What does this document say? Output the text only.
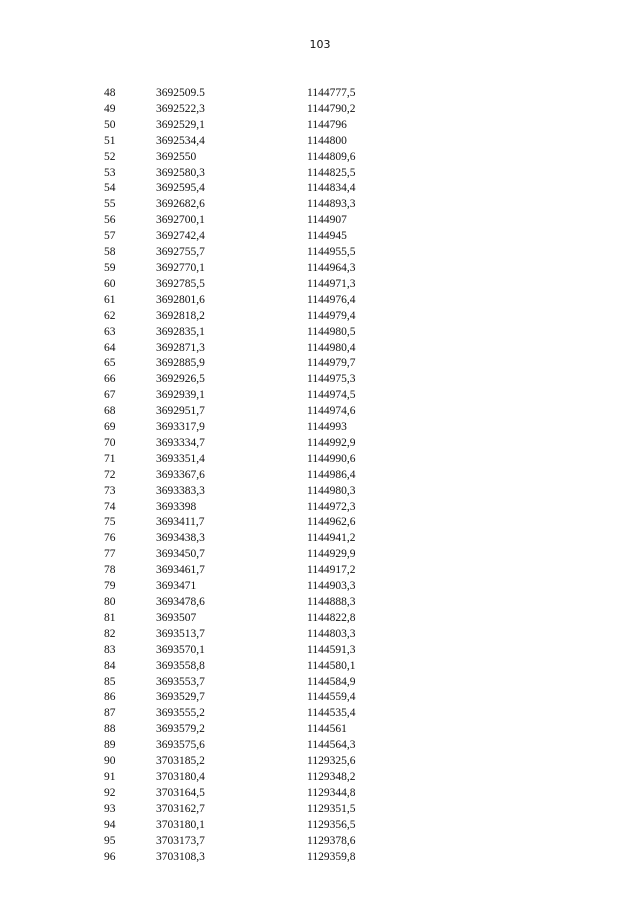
103
48	3692509.5	1144777,5
49	3692522,3	1144790,2
50	3692529,1	1144796
51	3692534,4	1144800
52	3692550	1144809,6
53	3692580,3	1144825,5
54	3692595,4	1144834,4
55	3692682,6	1144893,3
56	3692700,1	1144907
57	3692742,4	1144945
58	3692755,7	1144955,5
59	3692770,1	1144964,3
60	3692785,5	1144971,3
61	3692801,6	1144976,4
62	3692818,2	1144979,4
63	3692835,1	1144980,5
64	3692871,3	1144980,4
65	3692885,9	1144979,7
66	3692926,5	1144975,3
67	3692939,1	1144974,5
68	3692951,7	1144974,6
69	3693317,9	1144993
70	3693334,7	1144992,9
71	3693351,4	1144990,6
72	3693367,6	1144986,4
73	3693383,3	1144980,3
74	3693398	1144972,3
75	3693411,7	1144962,6
76	3693438,3	1144941,2
77	3693450,7	1144929,9
78	3693461,7	1144917,2
79	3693471	1144903,3
80	3693478,6	1144888,3
81	3693507	1144822,8
82	3693513,7	1144803,3
83	3693570,1	1144591,3
84	3693558,8	1144580,1
85	3693553,7	1144584,9
86	3693529,7	1144559,4
87	3693555,2	1144535,4
88	3693579,2	1144561
89	3693575,6	1144564,3
90	3703185,2	1129325,6
91	3703180,4	1129348,2
92	3703164,5	1129344,8
93	3703162,7	1129351,5
94	3703180,1	1129356,5
95	3703173,7	1129378,6
96	3703108,3	1129359,8
